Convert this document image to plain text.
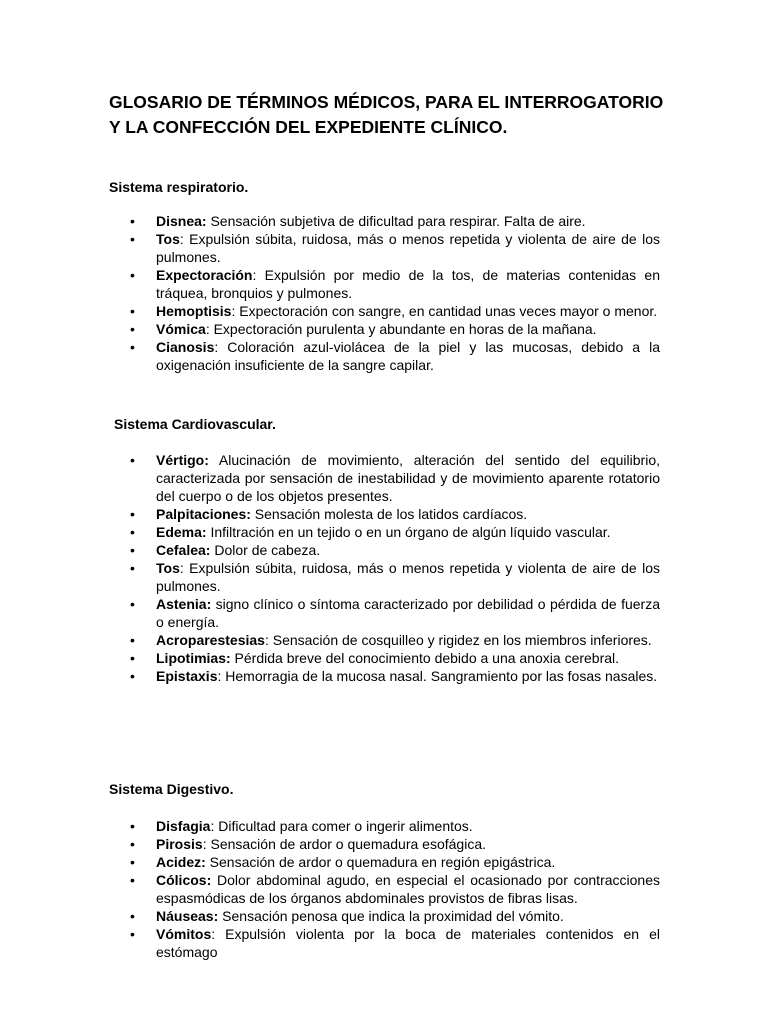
GLOSARIO DE TÉRMINOS MÉDICOS, PARA EL INTERROGATORIO Y LA CONFECCIÓN DEL EXPEDIENTE CLÍNICO.
Sistema respiratorio.
• Disnea: Sensación subjetiva de dificultad para respirar. Falta de aire.
• Tos: Expulsión súbita, ruidosa, más o menos repetida y violenta de aire de los pulmones.
• Expectoración: Expulsión por medio de la tos, de materias contenidas en tráquea, bronquios y pulmones.
• Hemoptisis: Expectoración con sangre, en cantidad unas veces mayor o menor.
• Vómica: Expectoración purulenta y abundante en horas de la mañana.
• Cianosis: Coloración azul-violácea de la piel y las mucosas, debido a la oxigenación insuficiente de la sangre capilar.
Sistema Cardiovascular.
• Vértigo: Alucinación de movimiento, alteración del sentido del equilibrio, caracterizada por sensación de inestabilidad y de movimiento aparente rotatorio del cuerpo o de los objetos presentes.
• Palpitaciones: Sensación molesta de los latidos cardíacos.
• Edema: Infiltración en un tejido o en un órgano de algún líquido vascular.
• Cefalea: Dolor de cabeza.
• Tos: Expulsión súbita, ruidosa, más o menos repetida y violenta de aire de los pulmones.
• Astenia: signo clínico o síntoma caracterizado por debilidad o pérdida de fuerza o energía.
• Acroparestesias: Sensación de cosquilleo y rigidez en los miembros inferiores.
• Lipotimias: Pérdida breve del conocimiento debido a una anoxia cerebral.
• Epistaxis: Hemorragia de la mucosa nasal. Sangramiento por las fosas nasales.
Sistema Digestivo.
• Disfagia: Dificultad para comer o ingerir alimentos.
• Pirosis: Sensación de ardor o quemadura esofágica.
• Acidez: Sensación de ardor o quemadura en región epigástrica.
• Cólicos: Dolor abdominal agudo, en especial el ocasionado por contracciones espasmódicas de los órganos abdominales provistos de fibras lisas.
• Náuseas: Sensación penosa que indica la proximidad del vómito.
• Vómitos: Expulsión violenta por la boca de materiales contenidos en el estómago
